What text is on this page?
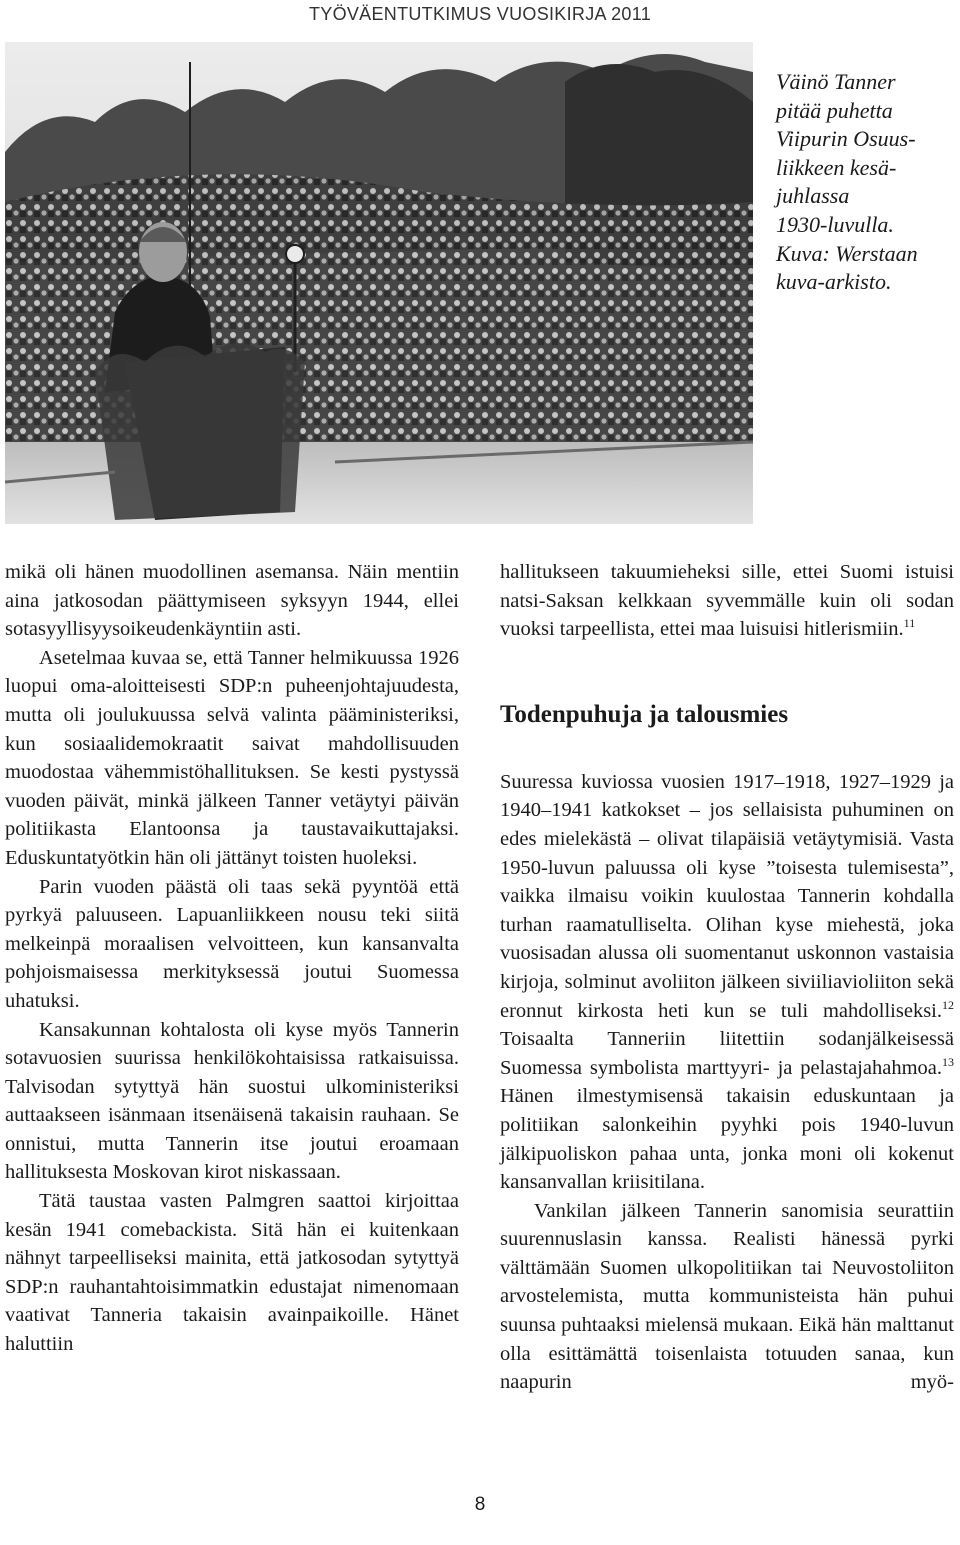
TYÖVÄENTUTKIMUS VUOSIKIRJA 2011
Väinö Tanner
pitää puhetta
Viipurin Osuus-
liikkeen kesä-
juhlassa
1930-luvulla.
Kuva: Werstaan
kuva-arkisto.

mikä oli hänen muodollinen asemansa. Näin mentiin aina jatkosodan päättymiseen syksyyn 1944, ellei sotasyyllisyysoikeudenkäyntiin asti.

Asetelmaa kuvaa se, että Tanner helmikuussa 1926 luopui oma-aloitteisesti SDP:n puheenjohtajuudesta, mutta oli joulukuussa selvä valinta pääministeriksi, kun sosiaalidemokraatit saivat mahdollisuuden muodostaa vähemmistöhallituksen. Se kesti pystyssä vuoden päivät, minkä jälkeen Tanner vetäytyi päivän politiikasta Elantoonsa ja taustavaikuttajaksi. Eduskuntatyötkin hän oli jättänyt toisten huoleksi.

Parin vuoden päästä oli taas sekä pyyntöä että pyrkyä paluuseen. Lapuanliikkeen nousu teki siitä melkeinpä moraalisen velvoitteen, kun kansanvalta pohjoismaisessa merkityksessä joutui Suomessa uhatuksi.

Kansakunnan kohtalosta oli kyse myös Tannerin sotavuosien suurissa henkilökohtaisissa ratkaisuissa. Talvisodan sytyttyä hän suostui ulkoministeriksi auttaakseen isänmaan itsenäisenä takaisin rauhaan. Se onnistui, mutta Tannerin itse joutui eroamaan hallituksesta Moskovan kirot niskassaan.

Tätä taustaa vasten Palmgren saattoi kirjoittaa kesän 1941 comebackista. Sitä hän ei kuitenkaan nähnyt tarpeelliseksi mainita, että jatkosodan sytyttyä SDP:n rauhantahtoisimmatkin edustajat nimenomaan vaativat Tanneria takaisin avainpaikoille. Hänet haluttiin

hallitukseen takuumieheksi sille, ettei Suomi istuisi natsi-Saksan kelkkaan syvemmälle kuin oli sodan vuoksi tarpeellista, ettei maa luisuisi hitlerismiin.$^{11}$

Todenpuhuja ja talousmies

Suuressa kuviossa vuosien 1917–1918, 1927–1929 ja 1940–1941 katkokset – jos sellaisista puhuminen on edes mielekästä – olivat tilapäisiä vetäytymisiä. Vasta 1950-luvun paluussa oli kyse ”toisesta tulemisesta”, vaikka ilmaisu voikin kuulostaa Tannerin kohdalla turhan raamatulliselta. Olihan kyse miehestä, joka vuosisadan alussa oli suomentanut uskonnon vastaisia kirjoja, solminut avoliiton jälkeen siviiliavioliiton sekä eronnut kirkosta heti kun se tuli mahdolliseksi.$^{12}$ Toisaalta Tanneriin liitettiin sodanjälkeisessä Suomessa symbolista marttyyri- ja pelastajahahmoa.$^{13}$ Hänen ilmestymisensä takaisin eduskuntaan ja politiikan salonkeihin pyyhki pois 1940-luvun jälkipuoliskon pahaa unta, jonka moni oli kokenut kansanvallan kriisitilana.

Vankilan jälkeen Tannerin sanomisia seurattiin suurennuslasin kanssa. Realisti hänessä pyrki välttämään Suomen ulkopolitiikan tai Neuvostoliiton arvostelemista, mutta kommunisteista hän puhui suunsa puhtaaksi mielensä mukaan. Eikä hän malttanut olla esittämättä toisenlaista totuuden sanaa, kun naapurin myö-

8
